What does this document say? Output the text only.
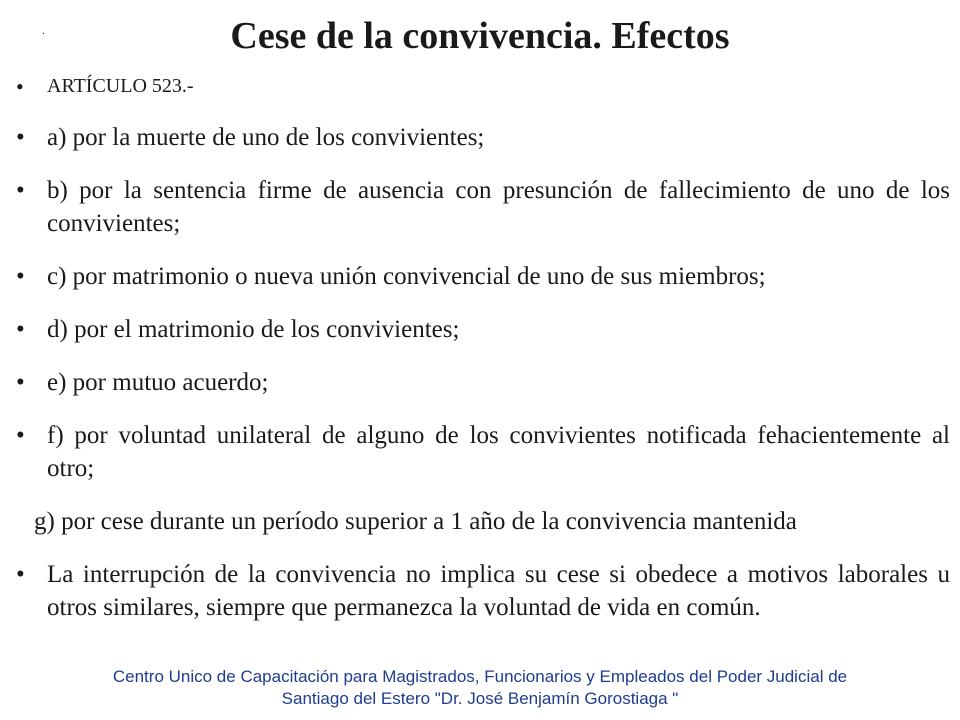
.	Cese de la convivencia. Efectos
• ARTÍCULO 523.-
• a) por la muerte de uno de los convivientes;
• b) por la sentencia firme de ausencia con presunción de fallecimiento de uno de los convivientes;
• c) por matrimonio o nueva unión convivencial de uno de sus miembros;
• d) por el matrimonio de los convivientes;
• e) por mutuo acuerdo;
• f) por voluntad unilateral de alguno de los convivientes notificada fehacientemente al otro;
g) por cese durante un período superior a 1 año de la convivencia mantenida
• La interrupción de la convivencia no implica su cese si obedece a motivos laborales u otros similares, siempre que permanezca la voluntad de vida en común.
Centro Unico de Capacitación para Magistrados, Funcionarios y Empleados del Poder Judicial de
Santiago del Estero "Dr. José Benjamín Gorostiaga "
